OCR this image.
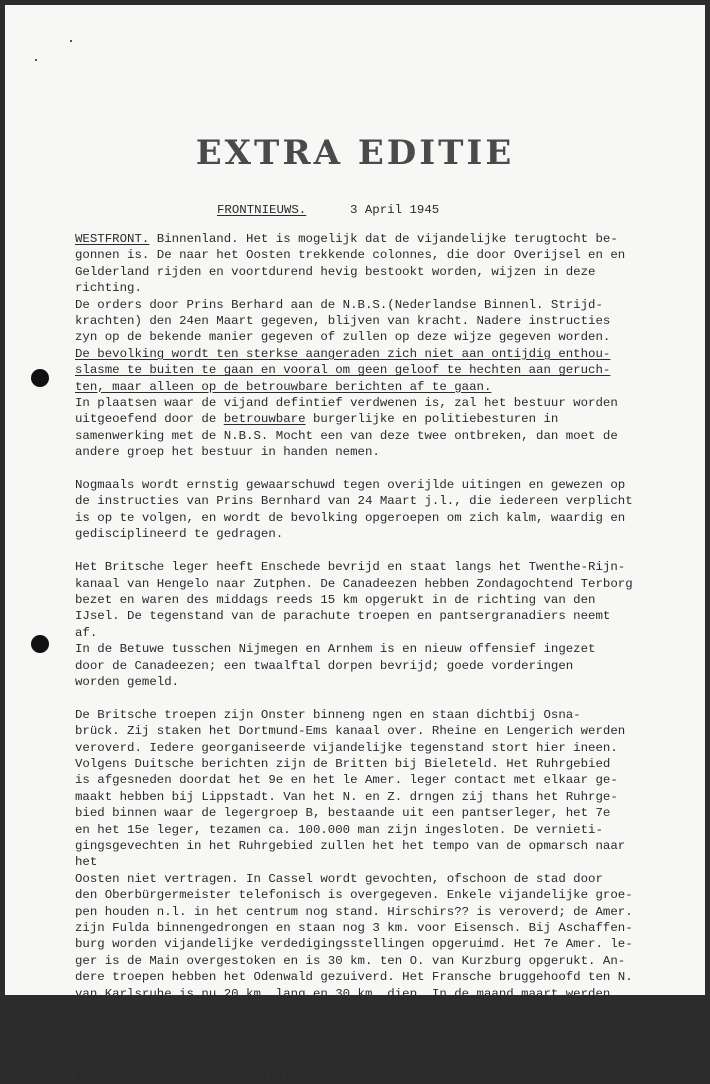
EXTRA EDITIE
FRONTNIEUWS.	3 April 1945
WESTFRONT. Binnenland. Het is mogelijk dat de vijandelijke terugtocht be-
gonnen is. De naar het Oosten trekkende colonnes, die door Overijsel en en
Gelderland rijden en voortdurend hevig bestookt worden, wijzen in deze
richting.
De orders door Prins Berhard aan de N.B.S.(Nederlandse Binnenl. Strijd-
krachten) den 24en Maart gegeven, blijven van kracht. Nadere instructies
zyn op de bekende manier gegeven of zullen op deze wijze gegeven worden.
De bevolking wordt ten sterkse aangeraden zich niet aan ontijdig enthou-
slasme te buiten te gaan en vooral om geen geloof te hechten aan geruch-
ten, maar alleen op de betrouwbare berichten af te gaan.
In plaatsen waar de vijand defintief verdwenen is, zal het bestuur worden
uitgeoefend door de betrouwbare burgerlijke en politiebesturen in
samenwerking met de N.B.S. Mocht een van deze twee ontbreken, dan moet de
andere groep het bestuur in handen nemen.
Nogmaals wordt ernstig gewaarschuwd tegen overijlde uitingen en gewezen op
de instructies van Prins Bernhard van 24 Maart j.l., die iedereen verplicht
is op te volgen, en wordt de bevolking opgeroepen om zich kalm, waardig en
gedisciplineerd te gedragen.
Het Britsche leger heeft Enschede bevrijd en staat langs het Twenthe-Rijn-
kanaal van Hengelo naar Zutphen. De Canadeezen hebben Zondagochtend Terborg
bezet en waren des middags reeds 15 km opgerukt in de richting van den
IJsel. De tegenstand van de parachute troepen en pantsergranadiers neemt
af.
In de Betuwe tusschen Nijmegen en Arnhem is en nieuw offensief ingezet
door de Canadeezen; een twaalftal dorpen bevrijd; goede vorderingen
worden gemeld.
De Britsche troepen zijn Onster binneng ngen en staan dichtbij Osna-
brück. Zij staken het Dortmund-Ems kanaal over. Rheine en Lengerich werden
veroverd. Iedere georganiseerde vijandelijke tegenstand stort hier ineen.
Volgens Duitsche berichten zijn de Britten bij Bieleteld. Het Ruhrgebied
is afgesneden doordat het 9e en het le Amer. leger contact met elkaar ge-
maakt hebben bij Lippstadt. Van het N. en Z. drngen zij thans het Ruhrge-
bied binnen waar de legergroep B, bestaande uit een pantserleger, het 7e
en het 15e leger, tezamen ca. 100.000 man zijn ingesloten. De vernieti-
gingsgevechten in het Ruhrgebied zullen het het tempo van de opmarsch naar
het
Oosten niet vertragen. In Cassel wordt gevochten, ofschoon de stad door
den Oberbürgermeister telefonisch is overgegeven. Enkele vijandelijke groe-
pen houden n.l. in het centrum nog stand. Hirschirs?? is veroverd; de Amer.
zijn Fulda binnengedrongen en staan nog 3 km. voor Eisensch. Bij Aschaffen-
burg worden vijandelijke verdedigingsstellingen opgeruimd. Het 7e Amer. le-
ger is de Main overgestoken en is 30 km. ten O. van Kurzburg opgerukt. An-
dere troepen hebben het Odenwald gezuiverd. Het Fransche bruggehoofd ten N.
van Karlsruhe is nu 20 km. lang en 30 km. diep. In de maand maart werden
350.0000 krijgsgevangenen gemaakt. De laatste dagen bedroeg het aantal
20.000 per dag.
LUCHTFRONT. De Amerikanen vielen gisteren Holzmünden, Er??? en Mülhousen
in Thuringen aan. Vanuit Italië werden spw.doelen in Oostenrijk en N.Ita-
